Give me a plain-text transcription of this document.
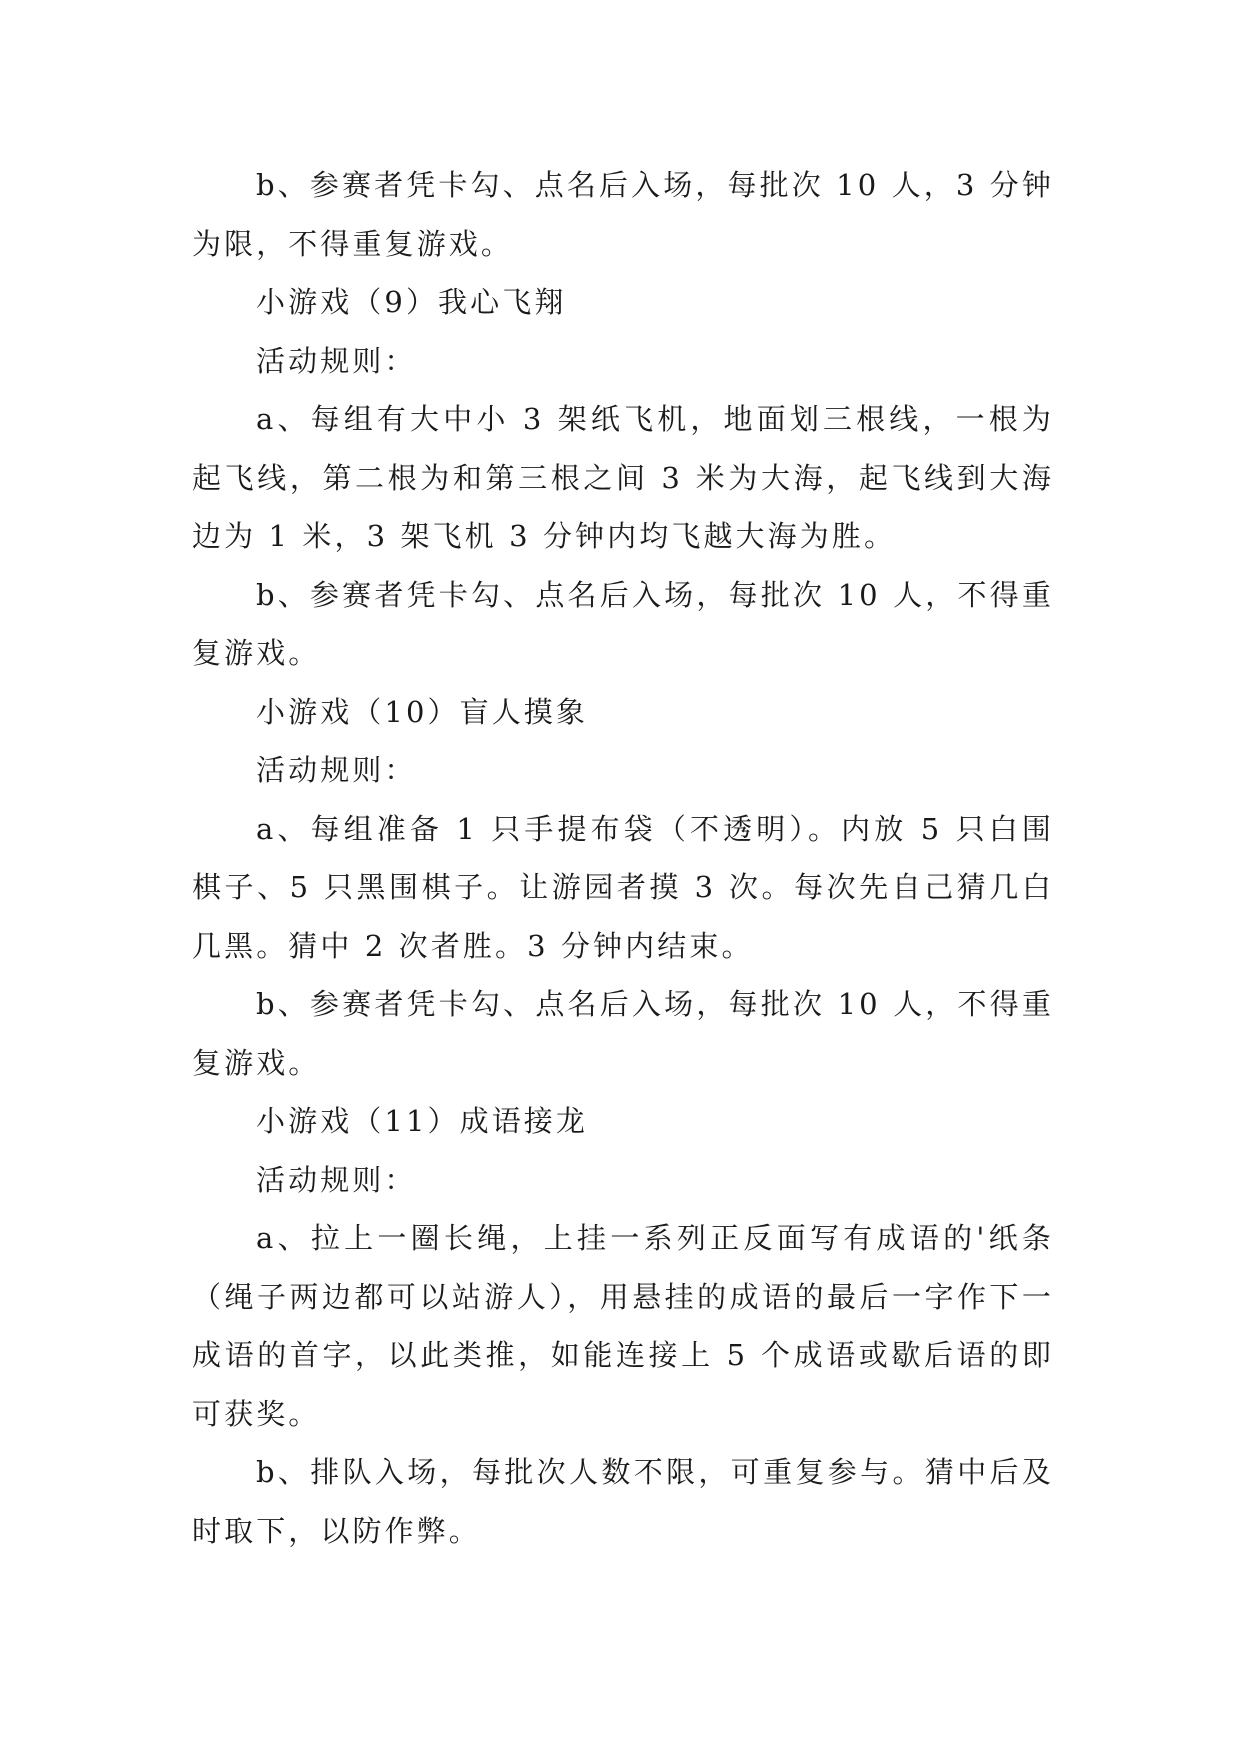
b、参赛者凭卡勾、点名后入场，每批次 10 人，3 分钟为限，不得重复游戏。

小游戏（9）我心飞翔

活动规则：

a、每组有大中小 3 架纸飞机，地面划三根线，一根为起飞线，第二根为和第三根之间 3 米为大海，起飞线到大海边为 1 米，3 架飞机 3 分钟内均飞越大海为胜。

b、参赛者凭卡勾、点名后入场，每批次 10 人，不得重复游戏。

小游戏（10）盲人摸象

活动规则：

a、每组准备 1 只手提布袋（不透明）。内放 5 只白围棋子、5 只黑围棋子。让游园者摸 3 次。每次先自己猜几白几黑。猜中 2 次者胜。3 分钟内结束。

b、参赛者凭卡勾、点名后入场，每批次 10 人，不得重复游戏。

小游戏（11）成语接龙

活动规则：

a、拉上一圈长绳，上挂一系列正反面写有成语的'纸条（绳子两边都可以站游人），用悬挂的成语的最后一字作下一成语的首字，以此类推，如能连接上 5 个成语或歇后语的即可获奖。

b、排队入场，每批次人数不限，可重复参与。猜中后及时取下，以防作弊。
